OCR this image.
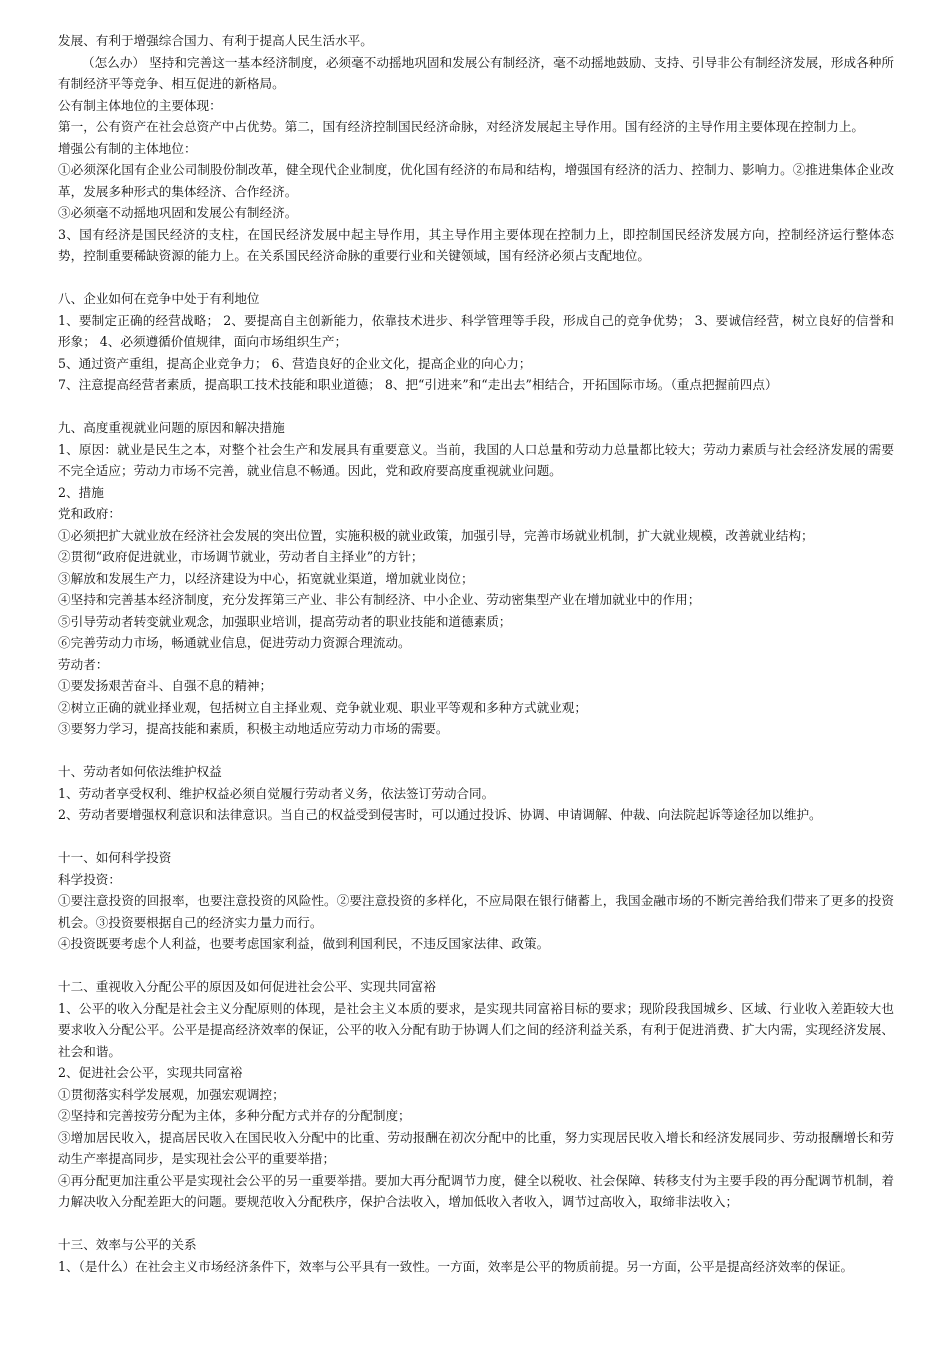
发展、有利于增强综合国力、有利于提高人民生活水平。

（怎么办） 坚持和完善这一基本经济制度，必须毫不动摇地巩固和发展公有制经济，毫不动摇地鼓励、支持、引导非公有制经济发展，形成各种所有制经济平等竞争、相互促进的新格局。

公有制主体地位的主要体现：

第一，公有资产在社会总资产中占优势。第二，国有经济控制国民经济命脉，对经济发展起主导作用。国有经济的主导作用主要体现在控制力上。

增强公有制的主体地位：

①必须深化国有企业公司制股份制改革，健全现代企业制度，优化国有经济的布局和结构，增强国有经济的活力、控制力、影响力。②推进集体企业改革，发展多种形式的集体经济、合作经济。

③必须毫不动摇地巩固和发展公有制经济。

3、国有经济是国民经济的支柱，在国民经济发展中起主导作用，其主导作用主要体现在控制力上，即控制国民经济发展方向，控制经济运行整体态势，控制重要稀缺资源的能力上。在关系国民经济命脉的重要行业和关键领域，国有经济必须占支配地位。

八、企业如何在竞争中处于有利地位

1、要制定正确的经营战略； 2、要提高自主创新能力，依靠技术进步、科学管理等手段，形成自己的竞争优势； 3、要诚信经营，树立良好的信誉和形象； 4、必须遵循价值规律，面向市场组织生产；

5、通过资产重组，提高企业竞争力； 6、营造良好的企业文化，提高企业的向心力；

7、注意提高经营者素质，提高职工技术技能和职业道德； 8、把“引进来”和“走出去”相结合，开拓国际市场。（重点把握前四点）

九、高度重视就业问题的原因和解决措施

1、原因：就业是民生之本，对整个社会生产和发展具有重要意义。当前，我国的人口总量和劳动力总量都比较大；劳动力素质与社会经济发展的需要不完全适应；劳动力市场不完善，就业信息不畅通。因此，党和政府要高度重视就业问题。

2、措施

党和政府：

①必须把扩大就业放在经济社会发展的突出位置，实施积极的就业政策，加强引导，完善市场就业机制，扩大就业规模，改善就业结构；

②贯彻“政府促进就业，市场调节就业，劳动者自主择业”的方针；

③解放和发展生产力，以经济建设为中心，拓宽就业渠道，增加就业岗位；

④坚持和完善基本经济制度，充分发挥第三产业、非公有制经济、中小企业、劳动密集型产业在增加就业中的作用；

⑤引导劳动者转变就业观念，加强职业培训，提高劳动者的职业技能和道德素质；

⑥完善劳动力市场，畅通就业信息，促进劳动力资源合理流动。

劳动者：

①要发扬艰苦奋斗、自强不息的精神；

②树立正确的就业择业观，包括树立自主择业观、竞争就业观、职业平等观和多种方式就业观；

③要努力学习，提高技能和素质，积极主动地适应劳动力市场的需要。

十、劳动者如何依法维护权益

1、劳动者享受权利、维护权益必须自觉履行劳动者义务，依法签订劳动合同。

2、劳动者要增强权利意识和法律意识。当自己的权益受到侵害时，可以通过投诉、协调、申请调解、仲裁、向法院起诉等途径加以维护。

十一、如何科学投资

科学投资：

①要注意投资的回报率，也要注意投资的风险性。②要注意投资的多样化，不应局限在银行储蓄上，我国金融市场的不断完善给我们带来了更多的投资机会。③投资要根据自己的经济实力量力而行。

④投资既要考虑个人利益，也要考虑国家利益，做到利国利民，不违反国家法律、政策。

十二、重视收入分配公平的原因及如何促进社会公平、实现共同富裕

1、公平的收入分配是社会主义分配原则的体现，是社会主义本质的要求，是实现共同富裕目标的要求；现阶段我国城乡、区域、行业收入差距较大也要求收入分配公平。公平是提高经济效率的保证，公平的收入分配有助于协调人们之间的经济利益关系，有利于促进消费、扩大内需，实现经济发展、社会和谐。

2、促进社会公平，实现共同富裕

①贯彻落实科学发展观，加强宏观调控；

②坚持和完善按劳分配为主体，多种分配方式并存的分配制度；

③增加居民收入，提高居民收入在国民收入分配中的比重、劳动报酬在初次分配中的比重，努力实现居民收入增长和经济发展同步、劳动报酬增长和劳动生产率提高同步，是实现社会公平的重要举措；

④再分配更加注重公平是实现社会公平的另一重要举措。要加大再分配调节力度，健全以税收、社会保障、转移支付为主要手段的再分配调节机制，着力解决收入分配差距大的问题。要规范收入分配秩序，保护合法收入，增加低收入者收入，调节过高收入，取缔非法收入；

十三、效率与公平的关系

1、（是什么）在社会主义市场经济条件下，效率与公平具有一致性。一方面，效率是公平的物质前提。另一方面，公平是提高经济效率的保证。
